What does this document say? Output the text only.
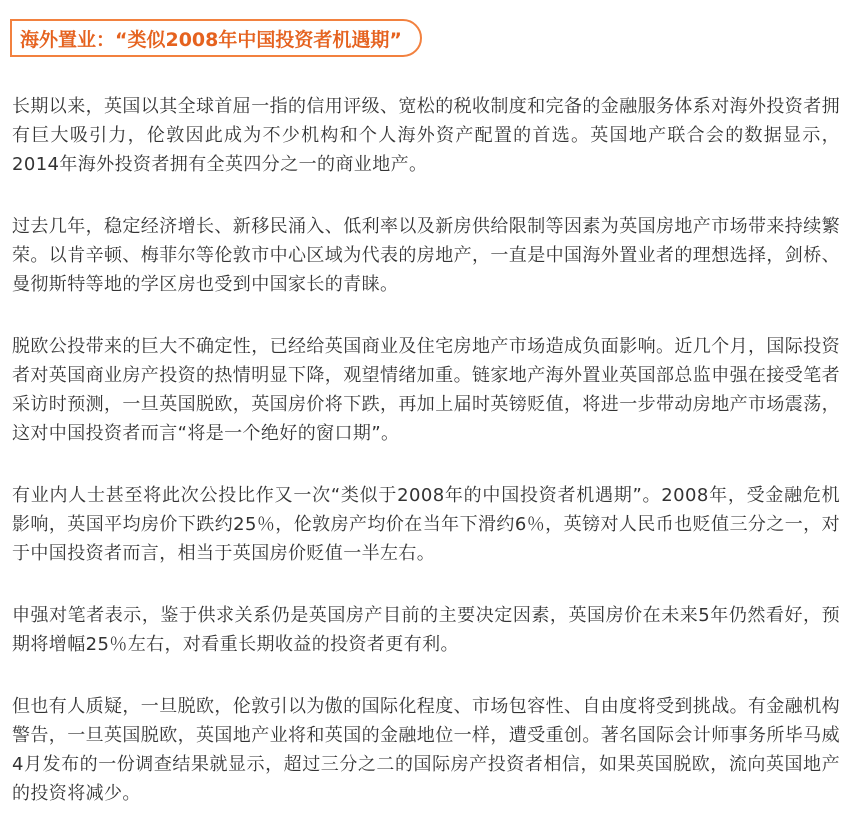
海外置业：“类似2008年中国投资者机遇期”

长期以来，英国以其全球首屈一指的信用评级、宽松的税收制度和完备的金融服务体系对海外投资者拥有巨大吸引力，伦敦因此成为不少机构和个人海外资产配置的首选。英国地产联合会的数据显示，2014年海外投资者拥有全英四分之一的商业地产。

过去几年，稳定经济增长、新移民涌入、低利率以及新房供给限制等因素为英国房地产市场带来持续繁荣。以肯辛顿、梅菲尔等伦敦市中心区域为代表的房地产，一直是中国海外置业者的理想选择，剑桥、曼彻斯特等地的学区房也受到中国家长的青睐。

脱欧公投带来的巨大不确定性，已经给英国商业及住宅房地产市场造成负面影响。近几个月，国际投资者对英国商业房产投资的热情明显下降，观望情绪加重。链家地产海外置业英国部总监申强在接受笔者采访时预测，一旦英国脱欧，英国房价将下跌，再加上届时英镑贬值，将进一步带动房地产市场震荡，这对中国投资者而言“将是一个绝好的窗口期”。

有业内人士甚至将此次公投比作又一次“类似于2008年的中国投资者机遇期”。2008年，受金融危机影响，英国平均房价下跌约25％，伦敦房产均价在当年下滑约6％，英镑对人民币也贬值三分之一，对于中国投资者而言，相当于英国房价贬值一半左右。

申强对笔者表示，鉴于供求关系仍是英国房产目前的主要决定因素，英国房价在未来5年仍然看好，预期将增幅25％左右，对看重长期收益的投资者更有利。

但也有人质疑，一旦脱欧，伦敦引以为傲的国际化程度、市场包容性、自由度将受到挑战。有金融机构警告，一旦英国脱欧，英国地产业将和英国的金融地位一样，遭受重创。著名国际会计师事务所毕马威4月发布的一份调查结果就显示，超过三分之二的国际房产投资者相信，如果英国脱欧，流向英国地产的投资将减少。
